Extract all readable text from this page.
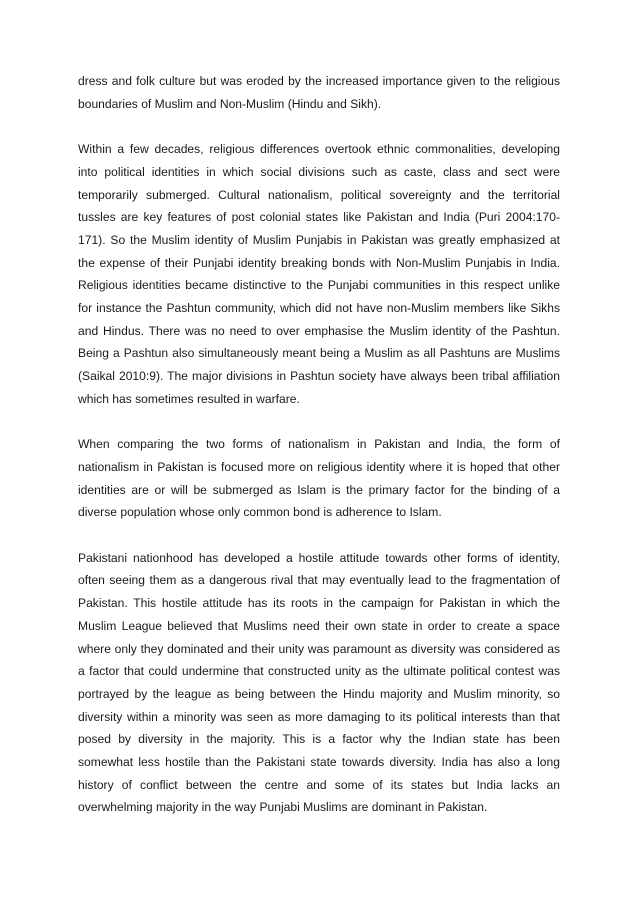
dress and folk culture but was eroded by the increased importance given to the religious boundaries of Muslim and Non-Muslim (Hindu and Sikh).

Within a few decades, religious differences overtook ethnic commonalities, developing into political identities in which social divisions such as caste, class and sect were temporarily submerged. Cultural nationalism, political sovereignty and the territorial tussles are key features of post colonial states like Pakistan and India (Puri 2004:170-171). So the Muslim identity of Muslim Punjabis in Pakistan was greatly emphasized at the expense of their Punjabi identity breaking bonds with Non-Muslim Punjabis in India. Religious identities became distinctive to the Punjabi communities in this respect unlike for instance the Pashtun community, which did not have non-Muslim members like Sikhs and Hindus. There was no need to over emphasise the Muslim identity of the Pashtun. Being a Pashtun also simultaneously meant being a Muslim as all Pashtuns are Muslims (Saikal 2010:9). The major divisions in Pashtun society have always been tribal affiliation which has sometimes resulted in warfare.

When comparing the two forms of nationalism in Pakistan and India, the form of nationalism in Pakistan is focused more on religious identity where it is hoped that other identities are or will be submerged as Islam is the primary factor for the binding of a diverse population whose only common bond is adherence to Islam.

Pakistani nationhood has developed a hostile attitude towards other forms of identity, often seeing them as a dangerous rival that may eventually lead to the fragmentation of Pakistan. This hostile attitude has its roots in the campaign for Pakistan in which the Muslim League believed that Muslims need their own state in order to create a space where only they dominated and their unity was paramount as diversity was considered as a factor that could undermine that constructed unity as the ultimate political contest was portrayed by the league as being between the Hindu majority and Muslim minority, so diversity within a minority was seen as more damaging to its political interests than that posed by diversity in the majority. This is a factor why the Indian state has been somewhat less hostile than the Pakistani state towards diversity. India has also a long history of conflict between the centre and some of its states but India lacks an overwhelming majority in the way Punjabi Muslims are dominant in Pakistan.
